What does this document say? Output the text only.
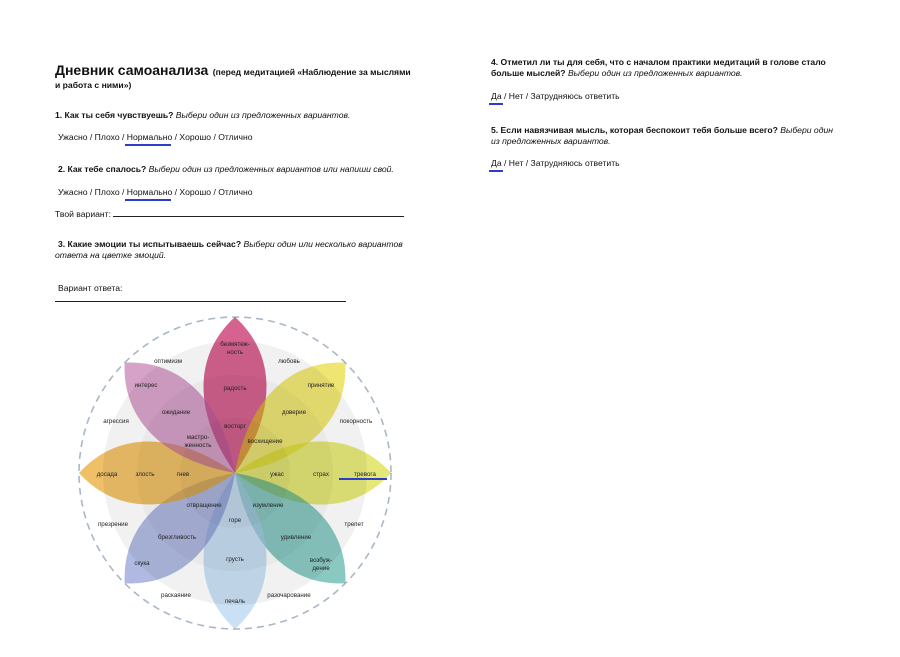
Дневник самоанализа (перед медитацией «Наблюдение за мыслями
и работа с ними»)
1. Как ты себя чувствуешь? Выбери один из предложенных вариантов.
Ужасно / Плохо / Нормально / Хорошо / Отлично
2. Как тебе спалось? Выбери один из предложенных вариантов или напиши свой.
Ужасно / Плохо / Нормально / Хорошо / Отлично
Твой вариант:
3. Какие эмоции ты испытываешь сейчас? Выбери один или несколько вариантов
ответа на цветке эмоций.
Вариант ответа:
оптимизм	любовь
безмятеж-
ность
радость
восторг
интерес
ожидание
мастро-
женность
принятие
доверие
восхищение
покорность
агрессия
досада	злость	гнев	ужас	страх	тревога
презрение
отвращение	изумление
трепет
брезгливость
горе
удивление
скука
грусть	возбуж-
дение
раскаяние
печаль
разочарование
4. Отметил ли ты для себя, что с началом практики медитаций в голове стало
больше мыслей? Выбери один из предложенных вариантов.
Да / Нет / Затрудняюсь ответить
5. Если навязчивая мысль, которая беспокоит тебя больше всего? Выбери один
из предложенных вариантов.
Да / Нет / Затрудняюсь ответить
